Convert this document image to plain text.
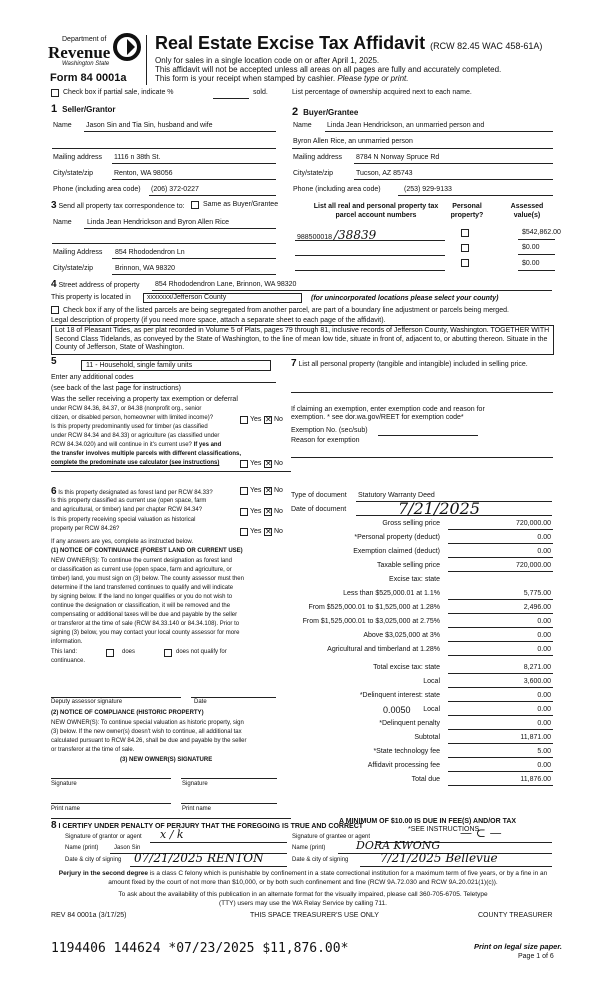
Department of
Revenue
Washington State
Form 84 0001a
Real Estate Excise Tax Affidavit (RCW 82.45 WAC 458-61A)
Only for sales in a single location code on or after April 1, 2025.
This affidavit will not be accepted unless all areas on all pages are fully and accurately completed.
This form is your receipt when stamped by cashier. Please type or print.
Check box if partial sale, indicate %	sold.	List percentage of ownership acquired next to each name.
1 Seller/Grantor
Name Jason Sin and Tia Sin, husband and wife
Mailing address 1116 n 38th St.
City/state/zip	Renton, WA 98056
Phone (including area code) (206) 372-0227
2 Buyer/Grantee
Name Linda Jean Hendrickson, an unmarried person and
Byron Allen Rice, an unmarried person
Mailing address 8784 N Norway Spruce Rd
City/state/zip	Tucson, AZ 85743
Phone (including area code)	(253) 929-9133
3 Send all property tax correspondence to:	Same as Buyer/Grantee
Name Linda Jean Hendrickson and Byron Allen Rice
Mailing Address 854 Rhododendron Ln
City/state/zip	Brinnon, WA 98320
List all real and personal property tax
parcel account numbers
Personal
property?
Assessed
value(s)
988500018 /38839	$542,862.00
$0.00
$0.00
4 Street address of property 854 Rhododendron Lane, Brinnon, WA 98320
This property is located in	xxxxxxx/Jefferson County	(for unincorporated locations please select your county)
Check box if any of the listed parcels are being segregated from another parcel, are part of a boundary line adjustment or parcels being merged.
Legal description of property (if you need more space, attach a separate sheet to each page of the affidavit).
Lot 18 of Pleasant Tides, as per plat recorded in Volume 5 of Plats, pages 79 through 81, inclusive records of Jefferson County, Washington. TOGETHER WITH Second Class Tidelands, as conveyed by the State of Washington, to the line of mean low tide, situate in front of, adjacent to, or abutting thereon. Situate in the County of Jefferson, State of Washington.
5	11 - Household, single family units
Enter any additional codes
(see back of the last page for instructions)
Was the seller receiving a property tax exemption or deferral
under RCW 84.36, 84.37, or 84.38 (nonprofit org., senior
citizen, or disabled person, homeowner with limited income)?	Yes ✕ No
Is this property predominantly used for timber (as classified
under RCW 84.34 and 84.33) or agriculture (as classified under
RCW 84.34.020) and will continue in it's current use? If yes and
the transfer involves multiple parcels with different classifications,
complete the predominate use calculator (see instructions)	Yes ✕ No
7 List all personal property (tangible and intangible) included in selling price.
If claiming an exemption, enter exemption code and reason for
exemption. * see dor.wa.gov/REET for exemption code*
Exemption No. (sec/sub)
Reason for exemption
6 Is this property designated as forest land per RCW 84.33?	Yes ✕ No
Is this property classified as current use (open space, farm
and agricultural, or timber) land per chapter RCW 84.34?	Yes ✕ No
Is this property receiving special valuation as historical
property per RCW 84.26?	Yes ✕ No
If any answers are yes, complete as instructed below.
(1) NOTICE OF CONTINUANCE (FOREST LAND OR CURRENT USE)
NEW OWNER(S): To continue the current designation as forest land
or classification as current use (open space, farm and agriculture, or
timber) land, you must sign on (3) below. The county assessor must then
determine if the land transferred continues to qualify and will indicate
by signing below. If the land no longer qualifies or you do not wish to
continue the designation or classification, it will be removed and the
compensating or additional taxes will be due and payable by the seller
or transferor at the time of sale (RCW 84.33.140 or 84.34.108). Prior to
signing (3) below, you may contact your local county assessor for more
information.
This land:	does	does not qualify for
continuance.
Deputy assessor signature	Date
(2) NOTICE OF COMPLIANCE (HISTORIC PROPERTY)
NEW OWNER(S): To continue special valuation as historic property, sign
(3) below. If the new owner(s) doesn't wish to continue, all additional tax
calculated pursuant to RCW 84.26, shall be due and payable by the seller
or transferor at the time of sale.
(3) NEW OWNER(S) SIGNATURE
Signature	Signature
Print name	Print name
Type of document Statutory Warranty Deed
Date of document	7/21/2025
Gross selling price	720,000.00
*Personal property (deduct)	0.00
Exemption claimed (deduct)	0.00
Taxable selling price	720,000.00
Excise tax: state
Less than $525,000.01 at 1.1%	5,775.00
From $525,000.01 to $1,525,000 at 1.28%	2,496.00
From $1,525,000.01 to $3,025,000 at 2.75%	0.00
Above $3,025,000 at 3%	0.00
Agricultural and timberland at 1.28%	0.00
Total excise tax: state	8,271.00
Local	3,600.00
*Delinquent interest: state	0.00
Local	0.00
*Delinquent penalty	0.00
Subtotal	11,871.00
*State technology fee	5.00
Affidavit processing fee	0.00
Total due	11,876.00
0.0050
A MINIMUM OF $10.00 IS DUE IN FEE(S) AND/OR TAX
*SEE INSTRUCTIONS
8 I CERTIFY UNDER PENALTY OF PERJURY THAT THE FOREGOING IS TRUE AND CORRECT
Signature of grantor or agent x / k
Name (print)	Jason Sin
Date & city of signing 07/21/2025 RENTON
Signature of grantee or agent	— ⊂ —
Name (print)	DORA KWONG
Date & city of signing	7/21/2025 Bellevue
Perjury in the second degree is a class C felony which is punishable by confinement in a state correctional institution for a maximum term of five years, or by a fine in an amount fixed by the court of not more than $10,000, or by both such confinement and fine (RCW 9A.72.030 and RCW 9A.20.021(1)(c)).
To ask about the availability of this publication in an alternate format for the visually impaired, please call 360-705-6705. Teletype
(TTY) users may use the WA Relay Service by calling 711.
REV 84 0001a (3/17/25)	THIS SPACE TREASURER'S USE ONLY	COUNTY TREASURER
1194406 144624 *07/23/2025 $11,876.00*	Print on legal size paper.
Page 1 of 6
